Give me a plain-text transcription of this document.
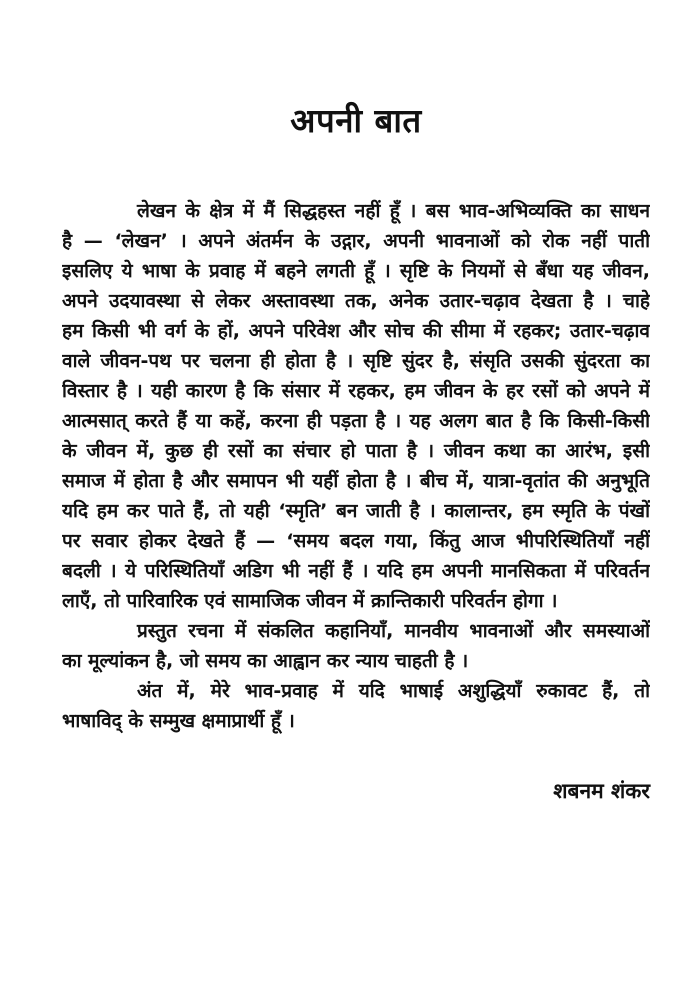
अपनी बात
लेखन के क्षेत्र में मैं सिद्धहस्त नहीं हूँ । बस भाव-अभिव्यक्ति का साधन
है — ‘लेखन’ । अपने अंतर्मन के उद्गार, अपनी भावनाओं को रोक नहीं पाती
इसलिए ये भाषा के प्रवाह में बहने लगती हूँ । सृष्टि के नियमों से बँधा यह जीवन,
अपने उदयावस्था से लेकर अस्तावस्था तक, अनेक उतार-चढ़ाव देखता है । चाहे
हम किसी भी वर्ग के हों, अपने परिवेश और सोच की सीमा में रहकर; उतार-चढ़ाव
वाले जीवन-पथ पर चलना ही होता है । सृष्टि सुंदर है, संसृति उसकी सुंदरता का
विस्तार है । यही कारण है कि संसार में रहकर, हम जीवन के हर रसों को अपने में
आत्मसात् करते हैं या कहें, करना ही पड़ता है । यह अलग बात है कि किसी-किसी
के जीवन में, कुछ ही रसों का संचार हो पाता है । जीवन कथा का आरंभ, इसी
समाज में होता है और समापन भी यहीं होता है । बीच में, यात्रा-वृतांत की अनुभूति
यदि हम कर पाते हैं, तो यही ‘स्मृति’ बन जाती है । कालान्तर, हम स्मृति के पंखों
पर सवार होकर देखते हैं — ‘समय बदल गया, किंतु आज भीपरिस्थितियाँ नहीं
बदली । ये परिस्थितियाँ अडिग भी नहीं हैं । यदि हम अपनी मानसिकता में परिवर्तन
लाएँ, तो पारिवारिक एवं सामाजिक जीवन में क्रान्तिकारी परिवर्तन होगा ।
प्रस्तुत रचना में संकलित कहानियाँ, मानवीय भावनाओं और समस्याओं
का मूल्यांकन है, जो समय का आह्वान कर न्याय चाहती है ।
अंत में, मेरे भाव-प्रवाह में यदि भाषाई अशुद्धियाँ रुकावट हैं, तो
भाषाविद् के सम्मुख क्षमाप्रार्थी हूँ ।
शबनम शंकर
